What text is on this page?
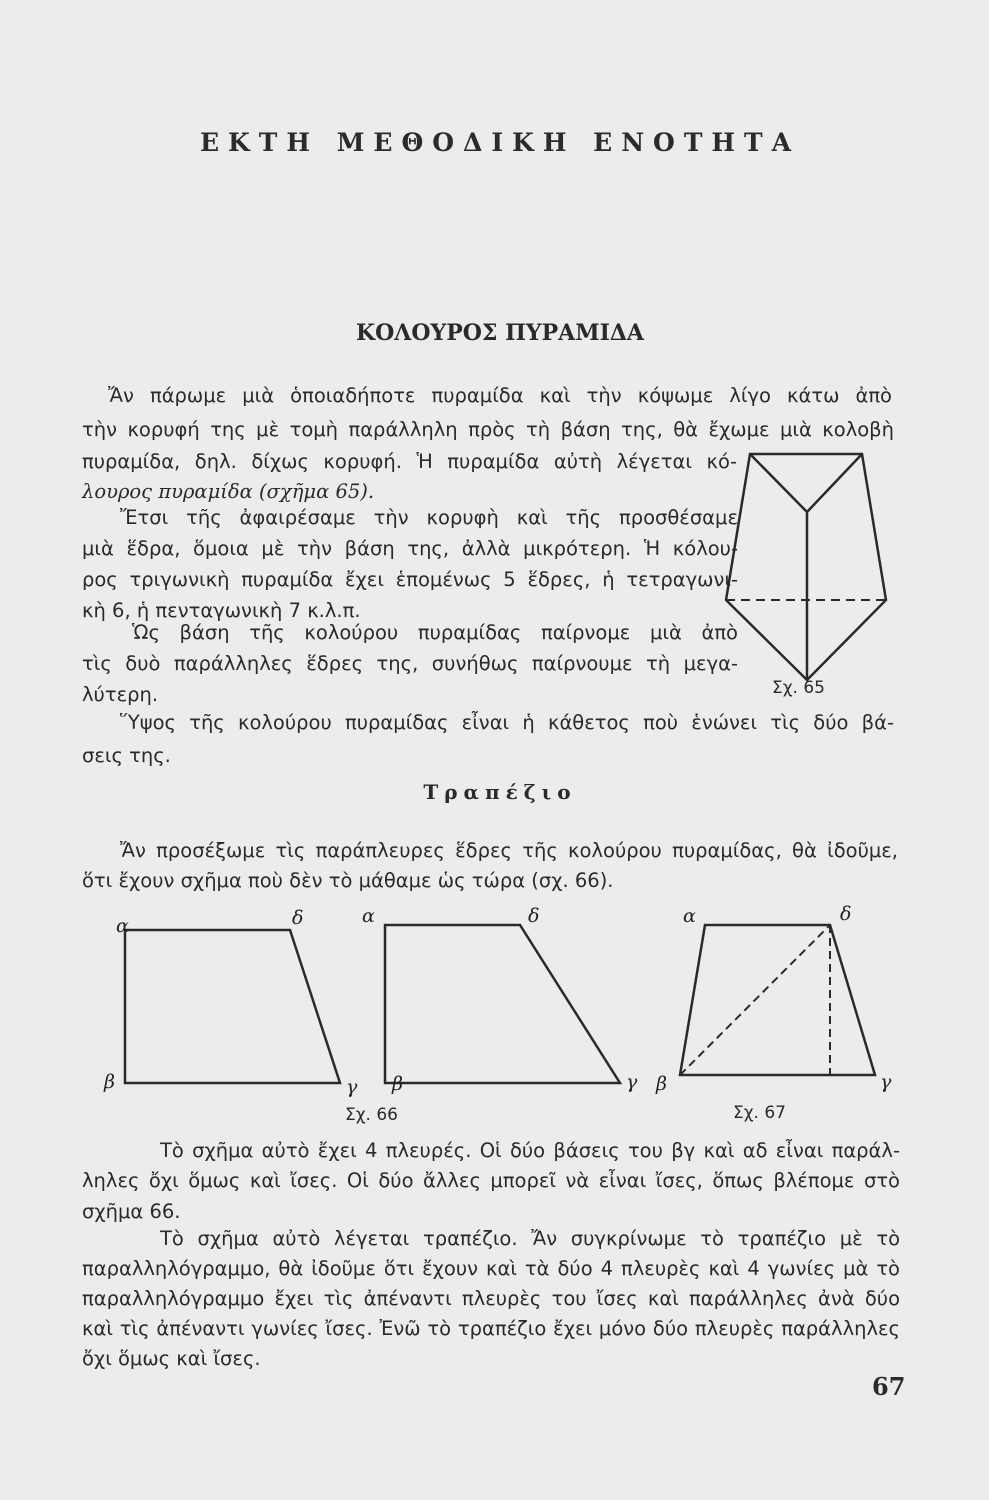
ΕΚΤΗ ΜΕΘΟΔΙΚΗ ΕΝΟΤΗΤΑ
ΚΟΛΟΥΡΟΣ ΠΥΡΑΜΙΔΑ
Ἄν πάρωμε μιὰ ὁποιαδήποτε πυραμίδα καὶ τὴν κόψωμε λίγο κάτω ἀπὸ
τὴν κορυφή της μὲ τομὴ παράλληλη πρὸς τὴ βάση της, θὰ ἔχωμε μιὰ κολοβὴ
πυραμίδα, δηλ. δίχως κορυφή. Ἡ πυραμίδα αὐτὴ λέγεται κό-
λουρος πυραμίδα (σχῆμα 65).
Ἔτσι τῆς ἀφαιρέσαμε τὴν κορυφὴ καὶ τῆς προσθέσαμε
μιὰ ἕδρα, ὅμοια μὲ τὴν βάση της, ἀλλὰ μικρότερη. Ἡ κόλου-
ρος τριγωνικὴ πυραμίδα ἔχει ἑπομένως 5 ἕδρες, ἡ τετραγωνι-
κὴ 6, ἡ πενταγωνικὴ 7 κ.λ.π.
Ὡς βάση τῆς κολούρου πυραμίδας παίρνομε μιὰ ἀπὸ
τὶς δυὸ παράλληλες ἕδρες της, συνήθως παίρνουμε τὴ μεγα-
λύτερη.
Ὕψος τῆς κολούρου πυραμίδας εἶναι ἡ κάθετος ποὺ ἑνώνει τὶς δύο βά-
σεις της.
Σχ. 65
Τραπέζιο
Ἄν προσέξωμε τὶς παράπλευρες ἕδρες τῆς κολούρου πυραμίδας, θὰ ἰδοῦμε,
ὅτι ἔχουν σχῆμα ποὺ δὲν τὸ μάθαμε ὡς τώρα (σχ. 66).
α	δ
β	γ
α	δ
β	γ
α	δ
β	γ
Σχ. 66	Σχ. 67
Τὸ σχῆμα αὐτὸ ἔχει 4 πλευρές. Οἱ δύο βάσεις του βγ καὶ αδ εἶναι παράλ-
ληλες ὄχι ὅμως καὶ ἴσες. Οἱ δύο ἄλλες μπορεῖ νὰ εἶναι ἴσες, ὅπως βλέπομε στὸ
σχῆμα 66.
Τὸ σχῆμα αὐτὸ λέγεται τραπέζιο. Ἄν συγκρίνωμε τὸ τραπέζιο μὲ τὸ
παραλληλόγραμμο, θὰ ἰδοῦμε ὅτι ἔχουν καὶ τὰ δύο 4 πλευρὲς καὶ 4 γωνίες μὰ τὸ
παραλληλόγραμμο ἔχει τὶς ἀπέναντι πλευρὲς του ἴσες καὶ παράλληλες ἀνὰ δύο
καὶ τὶς ἀπέναντι γωνίες ἴσες. Ἐνῶ τὸ τραπέζιο ἔχει μόνο δύο πλευρὲς παράλληλες
ὄχι ὅμως καὶ ἴσες.
67
